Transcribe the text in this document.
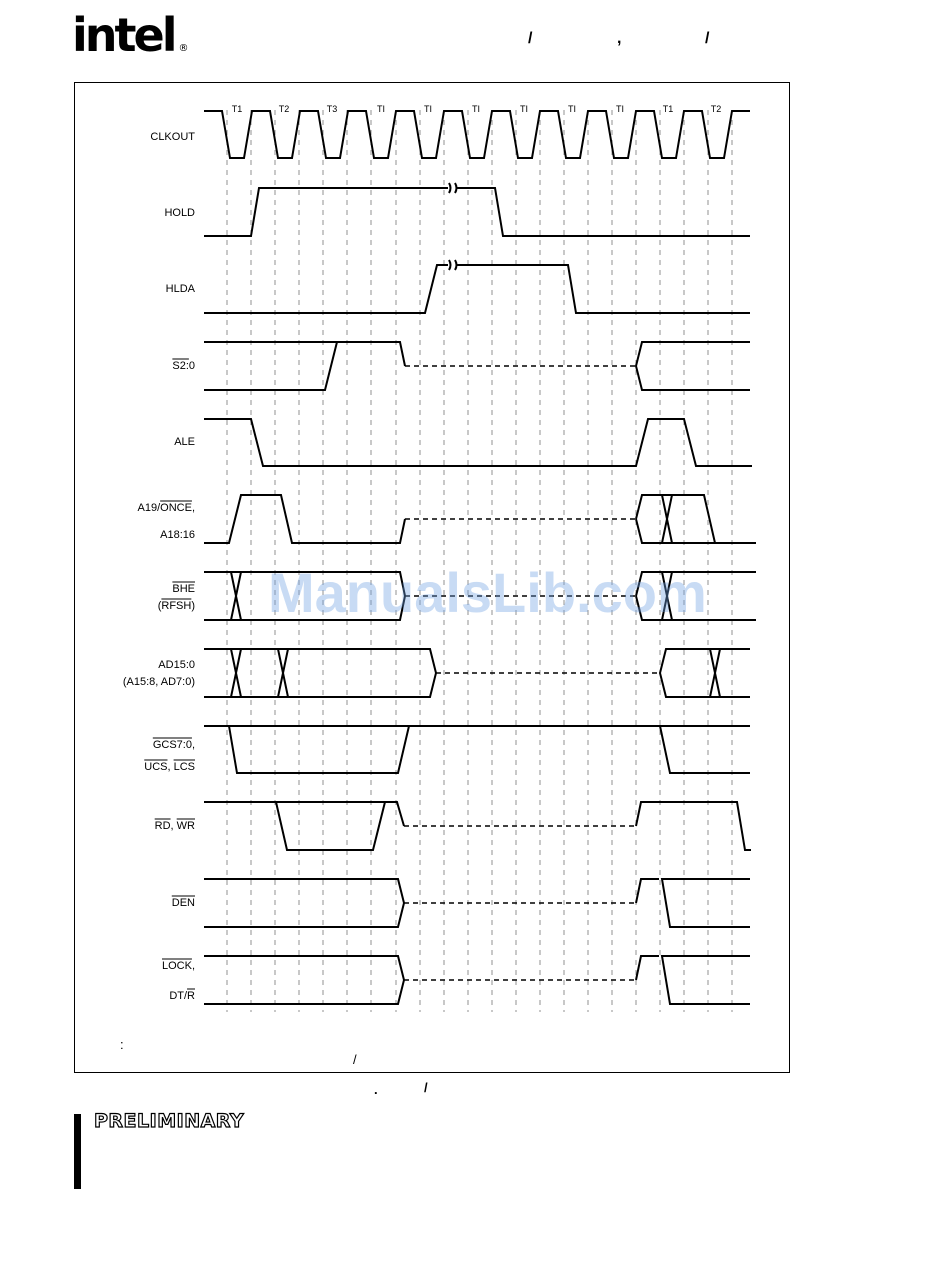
intel ®
/	,	/
T1	T2	T3	TI	TI	TI	TI	TI	TI	T1	T2
CLKOUT
HOLD
HLDA
S2:0
ALE
A19/ONCE,
A18:16
BHE
(RFSH)
AD15:0
(A15:8, AD7:0)
GCS7:0,
UCS, LCS
RD, WR
DEN
LOCK,
DT/R
ManualsLib.com
:
/
.	/
PRELIMINARY
